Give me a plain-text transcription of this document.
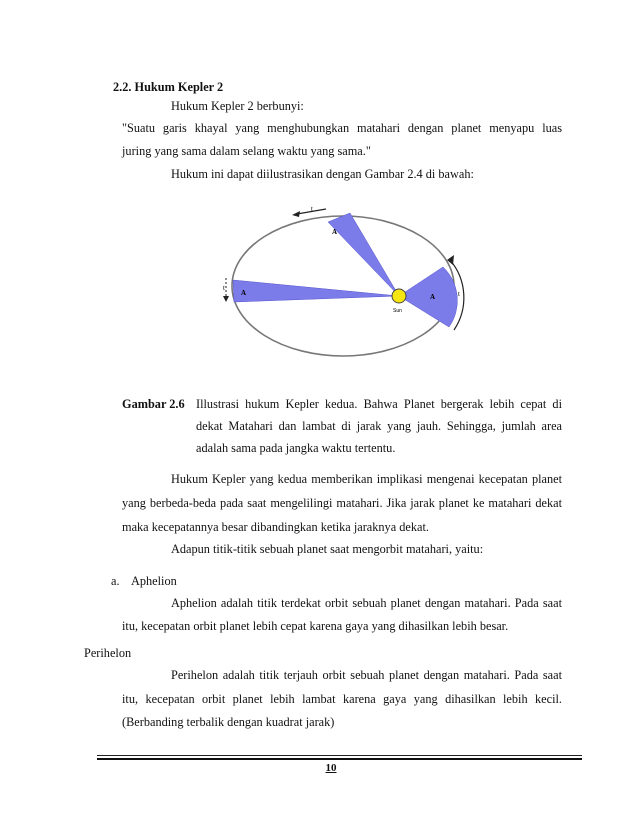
2.2. Hukum Kepler 2
Hukum Kepler 2 berbunyi:
"Suatu garis khayal yang menghubungkan matahari dengan planet menyapu luas
juring yang sama dalam selang waktu yang sama."
Hukum ini dapat diilustrasikan dengan Gambar 2.4 di bawah:
A
A	A
t
t
t
Sun
Gambar 2.6 Illustrasi hukum Kepler kedua. Bahwa Planet bergerak lebih cepat di
dekat Matahari dan lambat di jarak yang jauh. Sehingga, jumlah area
adalah sama pada jangka waktu tertentu.
Hukum Kepler yang kedua memberikan implikasi mengenai kecepatan planet
yang berbeda-beda pada saat mengelilingi matahari. Jika jarak planet ke matahari dekat
maka kecepatannya besar dibandingkan ketika jaraknya dekat.
Adapun titik-titik sebuah planet saat mengorbit matahari, yaitu:
a. Aphelion
Aphelion adalah titik terdekat orbit sebuah planet dengan matahari. Pada saat
itu, kecepatan orbit planet lebih cepat karena gaya yang dihasilkan lebih besar.
Perihelon
Perihelon adalah titik terjauh orbit sebuah planet dengan matahari. Pada saat
itu, kecepatan orbit planet lebih lambat karena gaya yang dihasilkan lebih kecil.
(Berbanding terbalik dengan kuadrat jarak)
10
